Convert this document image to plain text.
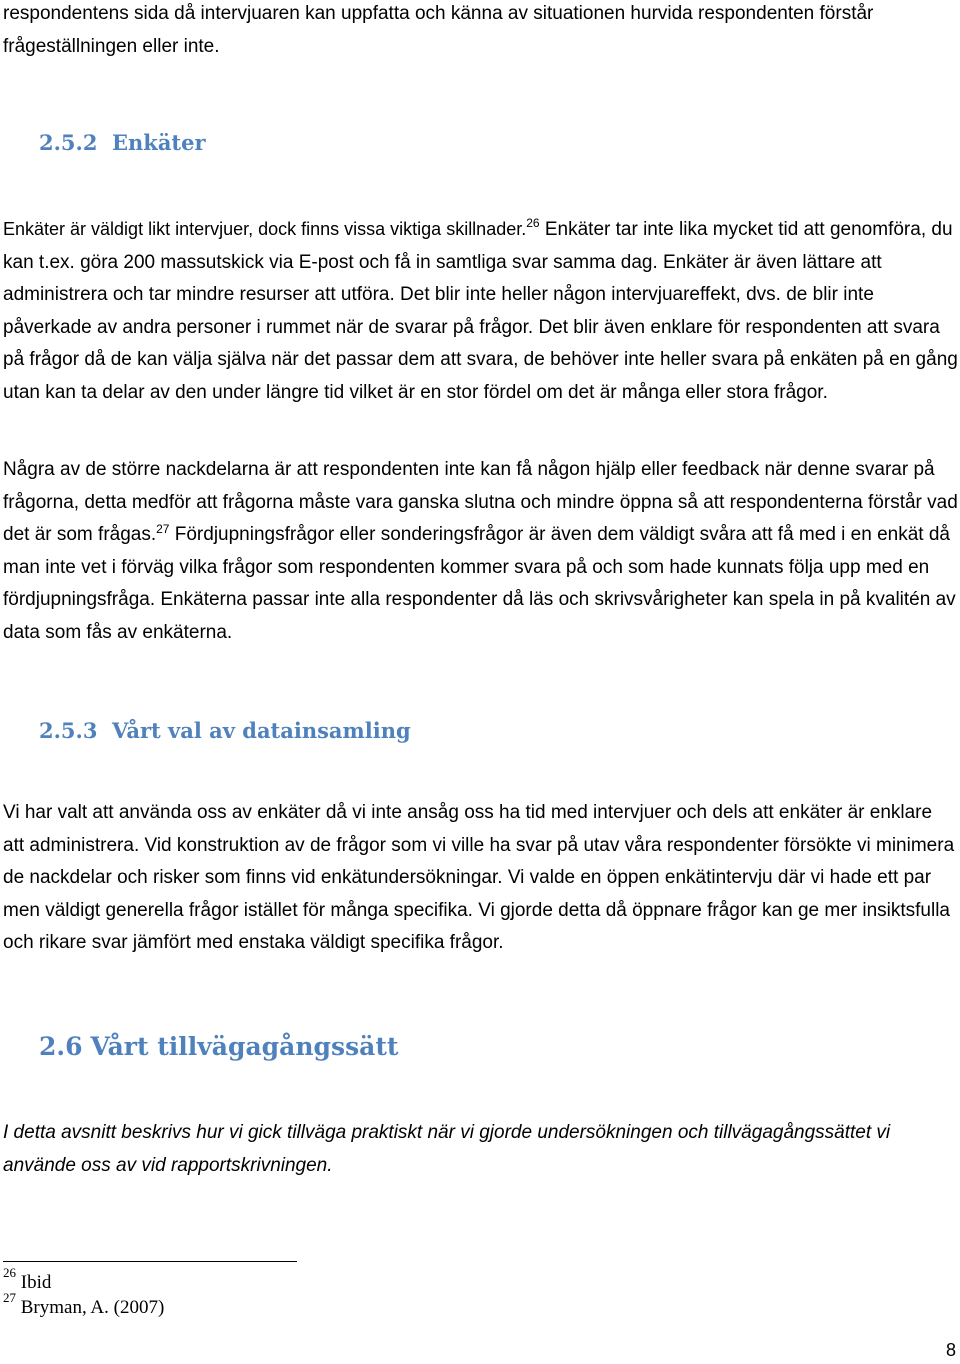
respondentens sida då intervjuaren kan uppfatta och känna av situationen hurvida respondenten förstår frågeställningen eller inte.

2.5.2 Enkäter

Enkäter är väldigt likt intervjuer, dock finns vissa viktiga skillnader.$^{26}$ Enkäter tar inte lika mycket tid att genomföra, du kan t.ex. göra 200 massutskick via E-post och få in samtliga svar samma dag. Enkäter är även lättare att administrera och tar mindre resurser att utföra. Det blir inte heller någon intervjuareffekt, dvs. de blir inte påverkade av andra personer i rummet när de svarar på frågor. Det blir även enklare för respondenten att svara på frågor då de kan välja själva när det passar dem att svara, de behöver inte heller svara på enkäten på en gång utan kan ta delar av den under längre tid vilket är en stor fördel om det är många eller stora frågor.

Några av de större nackdelarna är att respondenten inte kan få någon hjälp eller feedback när denne svarar på frågorna, detta medför att frågorna måste vara ganska slutna och mindre öppna så att respondenterna förstår vad det är som frågas.$^{27}$ Fördjupningsfrågor eller sonderingsfrågor är även dem väldigt svåra att få med i en enkät då man inte vet i förväg vilka frågor som respondenten kommer svara på och som hade kunnats följa upp med en fördjupningsfråga. Enkäterna passar inte alla respondenter då läs och skrivsvårigheter kan spela in på kvalitén av data som fås av enkäterna.

2.5.3 Vårt val av datainsamling

Vi har valt att använda oss av enkäter då vi inte ansåg oss ha tid med intervjuer och dels att enkäter är enklare att administrera. Vid konstruktion av de frågor som vi ville ha svar på utav våra respondenter försökte vi minimera de nackdelar och risker som finns vid enkätundersökningar. Vi valde en öppen enkätintervju där vi hade ett par men väldigt generella frågor istället för många specifika. Vi gjorde detta då öppnare frågor kan ge mer insiktsfulla och rikare svar jämfört med enstaka väldigt specifika frågor.

2.6 Vårt tillvägagångssätt

I detta avsnitt beskrivs hur vi gick tillväga praktiskt när vi gjorde undersökningen och tillvägagångssättet vi använde oss av vid rapportskrivningen.

$^{26}$ Ibid

$^{27}$ Bryman, A. (2007)

8
